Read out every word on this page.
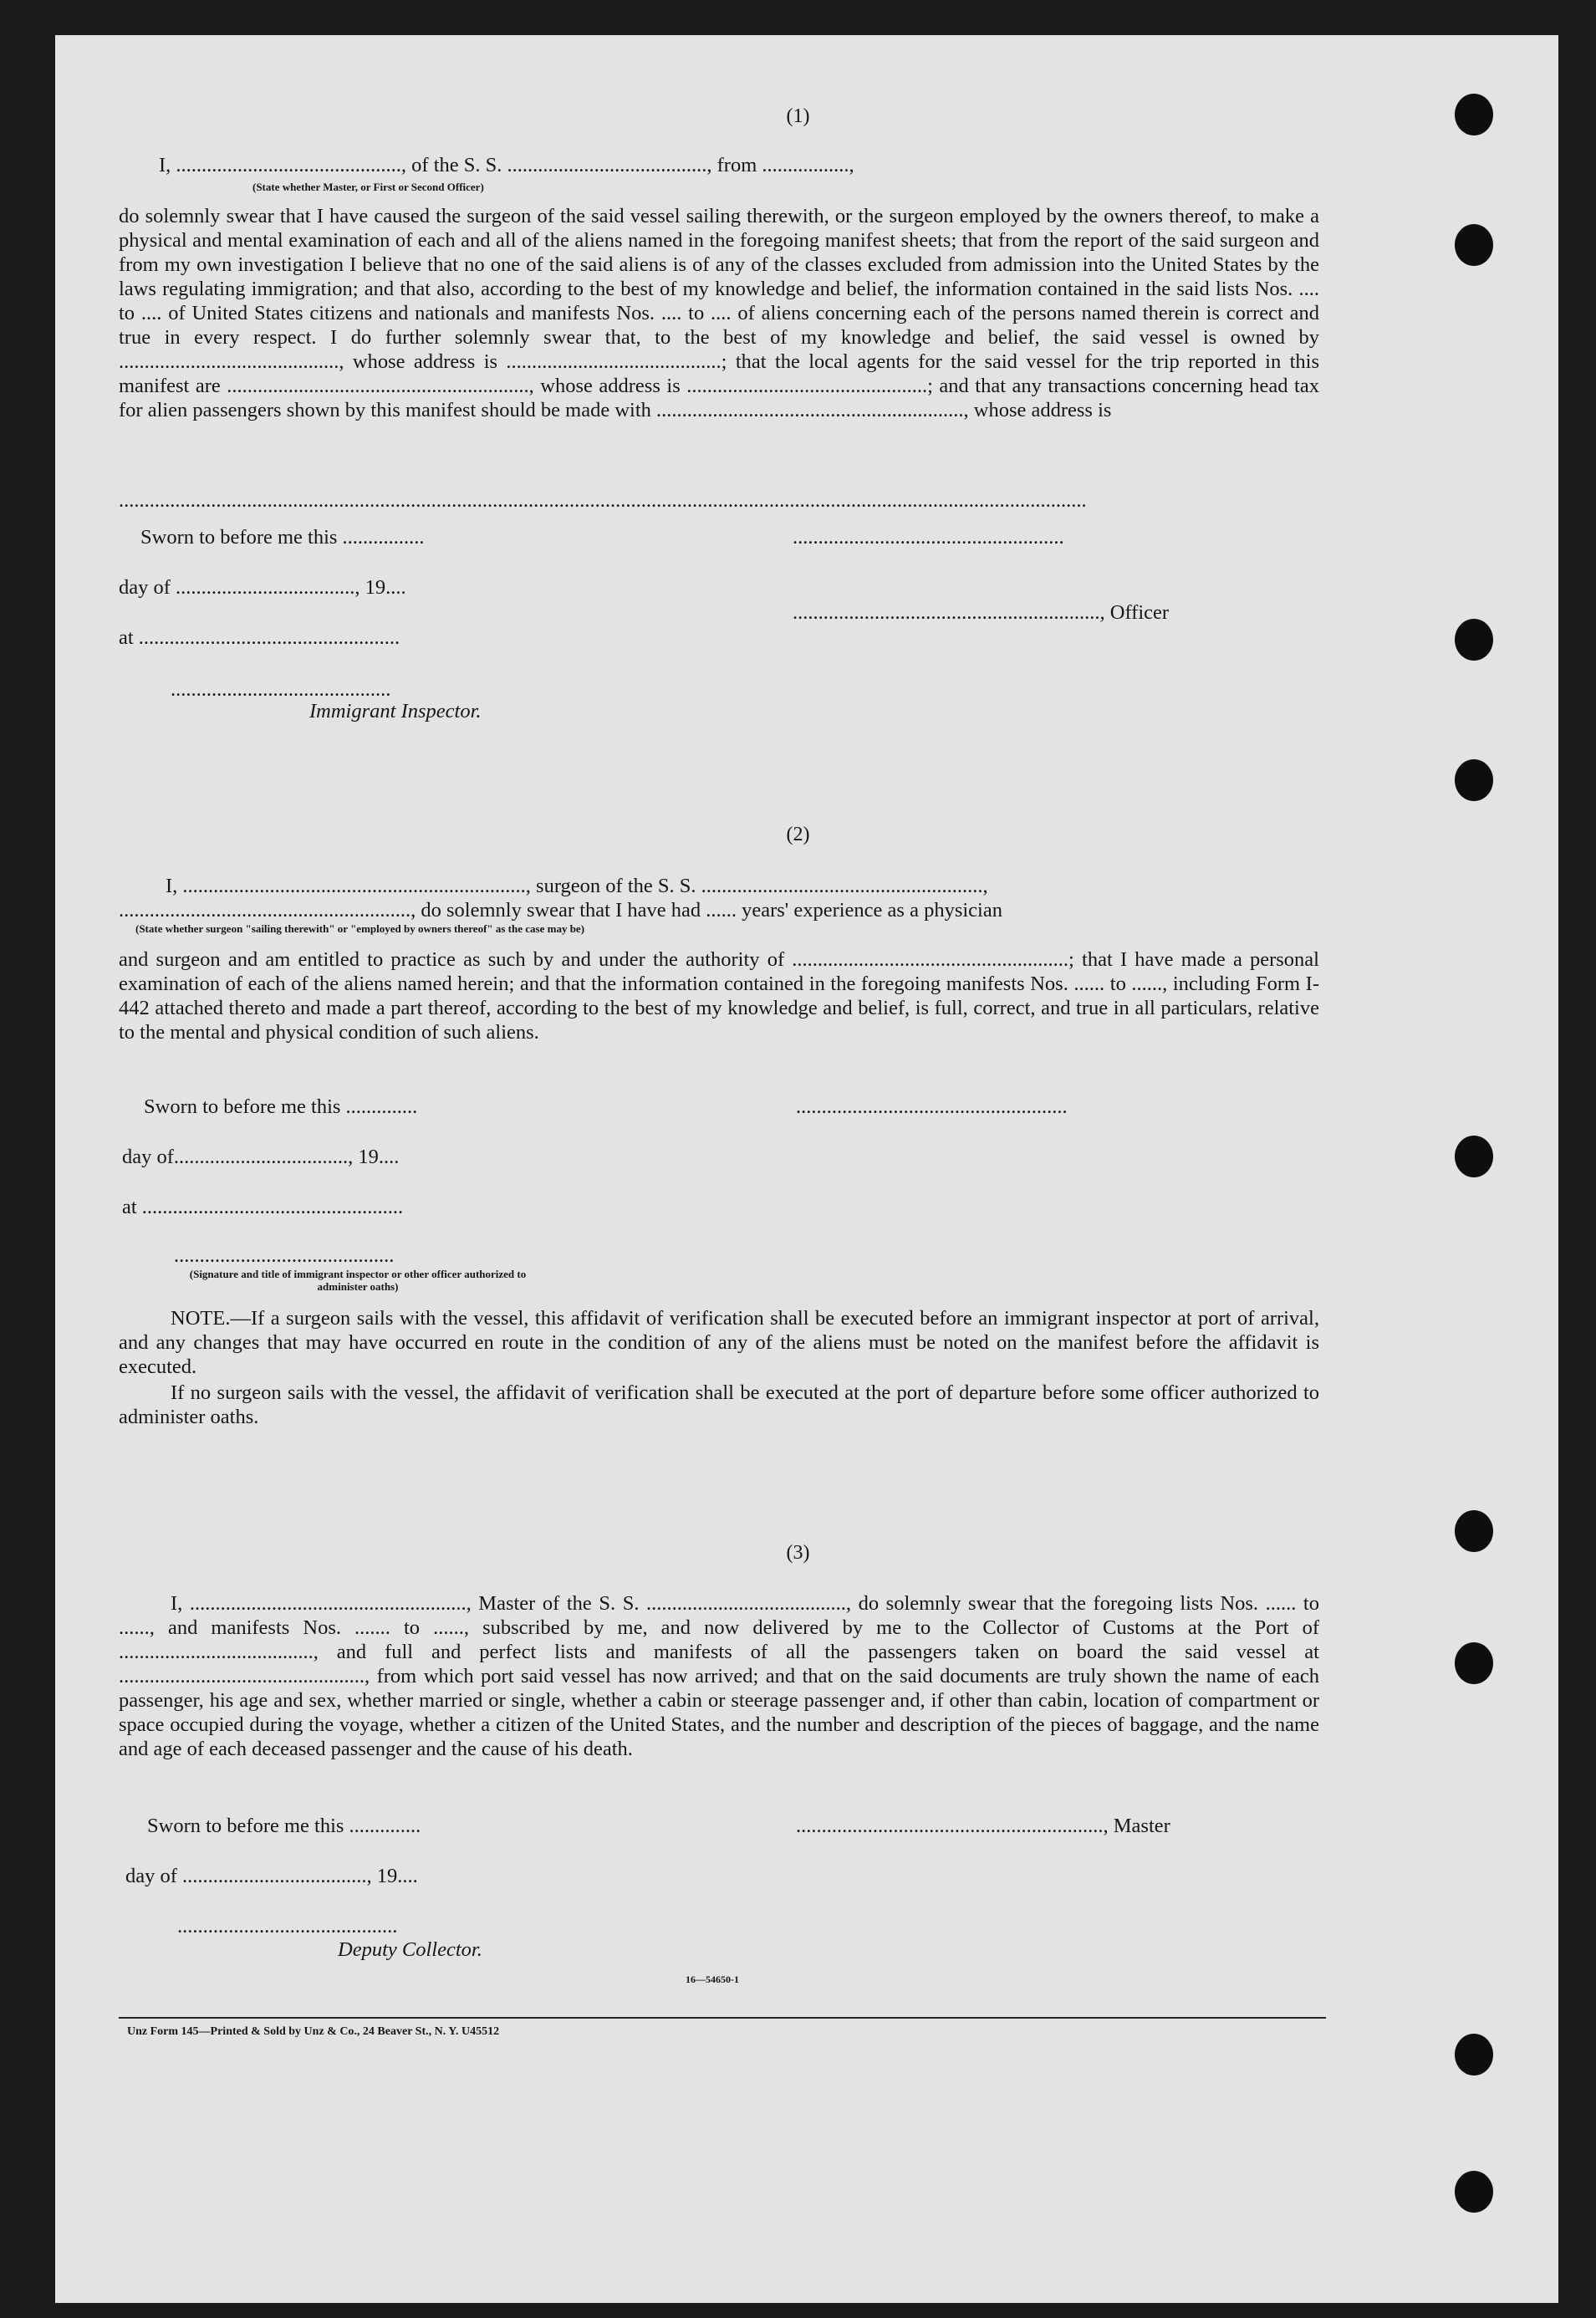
(1)
I, ............................................, of the S. S. ......................................., from .................,
(State whether Master, or First or Second Officer)

do solemnly swear that I have caused the surgeon of the said vessel sailing therewith, or the surgeon employed by the owners thereof, to make a physical and mental examination of each and all of the aliens named in the foregoing manifest sheets; that from the report of the said surgeon and from my own investigation I believe that no one of the said aliens is of any of the classes excluded from admission into the United States by the laws regulating immigration; and that also, according to the best of my knowledge and belief, the information contained in the said lists Nos. .... to .... of United States citizens and nationals and manifests Nos. .... to .... of aliens concerning each of the persons named therein is correct and true in every respect. I do further solemnly swear that, to the best of my knowledge and belief, the said vessel is owned by ..........................................., whose address is ..........................................; that the local agents for the said vessel for the trip reported in this manifest are ..........................................................., whose address is ...............................................; and that any transactions concerning head tax for alien passengers shown by this manifest should be made with ............................................................, whose address is

.............................................................................................................................................................................................
Sworn to before me this ................	.....................................................
day of ..................................., 19....
............................................................, Officer
at ...................................................
...........................................
Immigrant Inspector.
(2)
I, ..................................................................., surgeon of the S. S. .......................................................,
........................................................., do solemnly swear that I have had ...... years' experience as a physician
(State whether surgeon "sailing therewith" or "employed by owners thereof" as the case may be)

and surgeon and am entitled to practice as such by and under the authority of ......................................................; that I have made a personal examination of each of the aliens named herein; and that the information contained in the foregoing manifests Nos. ...... to ......, including Form I-442 attached thereto and made a part thereof, according to the best of my knowledge and belief, is full, correct, and true in all particulars, relative to the mental and physical condition of such aliens.

Sworn to before me this ..............	.....................................................
day of.................................., 19....
at ...................................................
...........................................
(Signature and title of immigrant inspector or other officer authorized to administer oaths)

NOTE.—If a surgeon sails with the vessel, this affidavit of verification shall be executed before an immigrant inspector at port of arrival, and any changes that may have occurred en route in the condition of any of the aliens must be noted on the manifest before the affidavit is executed.

If no surgeon sails with the vessel, the affidavit of verification shall be executed at the port of departure before some officer authorized to administer oaths.

(3)

I, ......................................................, Master of the S. S. ......................................., do solemnly swear that the foregoing lists Nos. ...... to ......, and manifests Nos. ....... to ......, subscribed by me, and now delivered by me to the Collector of Customs at the Port of ......................................, and full and perfect lists and manifests of all the passengers taken on board the said vessel at ................................................, from which port said vessel has now arrived; and that on the said documents are truly shown the name of each passenger, his age and sex, whether married or single, whether a cabin or steerage passenger and, if other than cabin, location of compartment or space occupied during the voyage, whether a citizen of the United States, and the number and description of the pieces of baggage, and the name and age of each deceased passenger and the cause of his death.

Sworn to before me this ..............	............................................................, Master
day of ...................................., 19....
...........................................
Deputy Collector.
16—54650-1
Unz Form 145—Printed & Sold by Unz & Co., 24 Beaver St., N. Y. U45512
